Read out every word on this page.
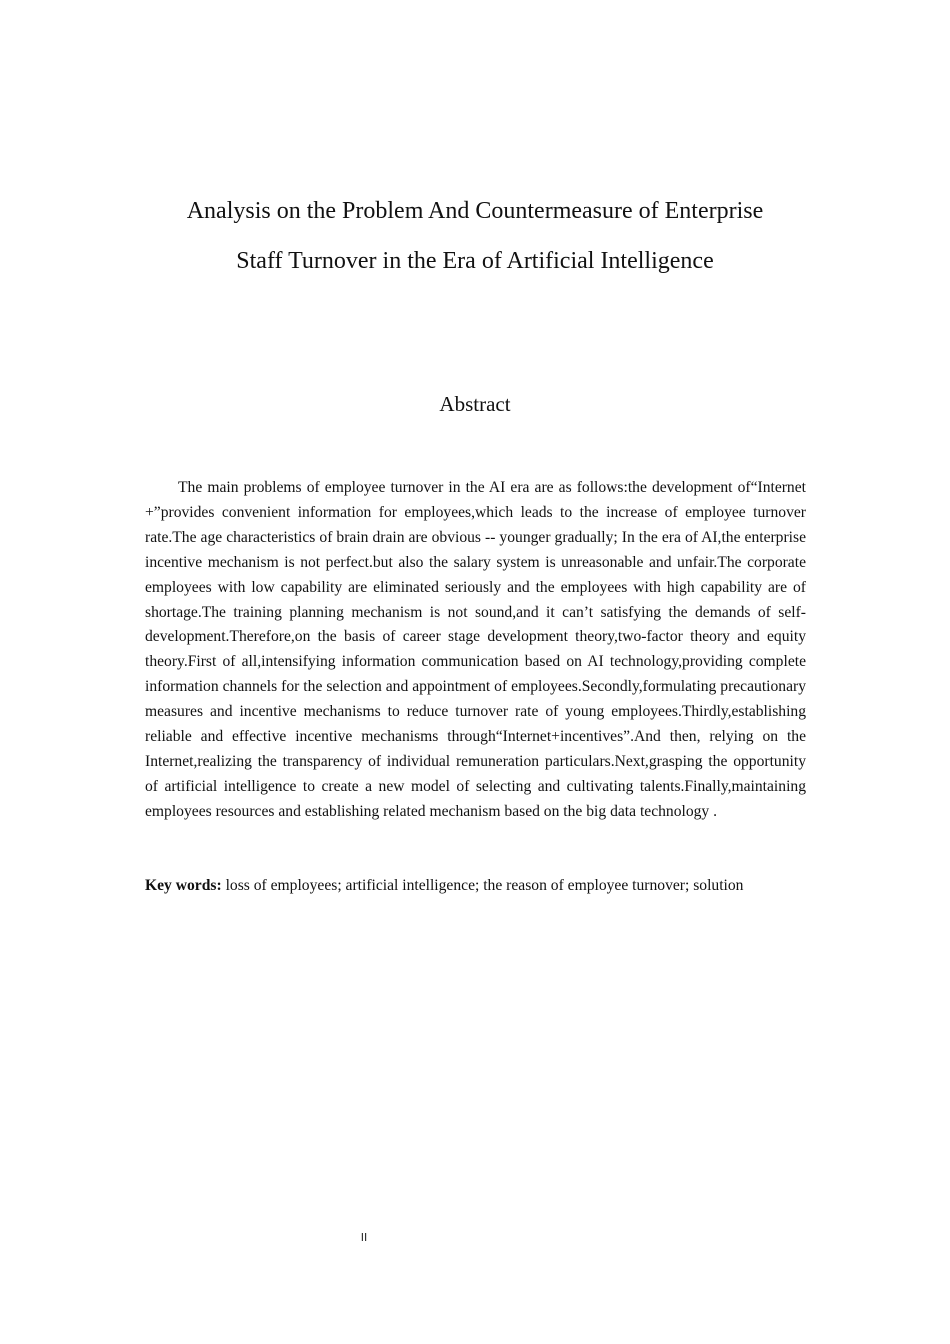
Analysis on the Problem And Countermeasure of Enterprise
Staff Turnover in the Era of Artificial Intelligence
Abstract

The main problems of employee turnover in the AI era are as follows:the development of“Internet +”provides convenient information for employees,which leads to the increase of employee turnover rate.The age characteristics of brain drain are obvious -- younger gradually; In the era of AI,the enterprise incentive mechanism is not perfect.but also the salary system is unreasonable and unfair.The corporate employees with low capability are eliminated seriously and the employees with high capability are of shortage.The training planning mechanism is not sound,and it can’t satisfying the demands of self-development.Therefore,on the basis of career stage development theory,two-factor theory and equity theory.First of all,intensifying information communication based on AI technology,providing complete information channels for the selection and appointment of employees.Secondly,formulating precautionary measures and incentive mechanisms to reduce turnover rate of young employees.Thirdly,establishing reliable and effective incentive mechanisms through“Internet+incentives”.And then, relying on the Internet,realizing the transparency of individual remuneration particulars.Next,grasping the opportunity of artificial intelligence to create a new model of selecting and cultivating talents.Finally,maintaining employees resources and establishing related mechanism based on the big data technology .

Key words: loss of employees; artificial intelligence; the reason of employee turnover; solution

II
